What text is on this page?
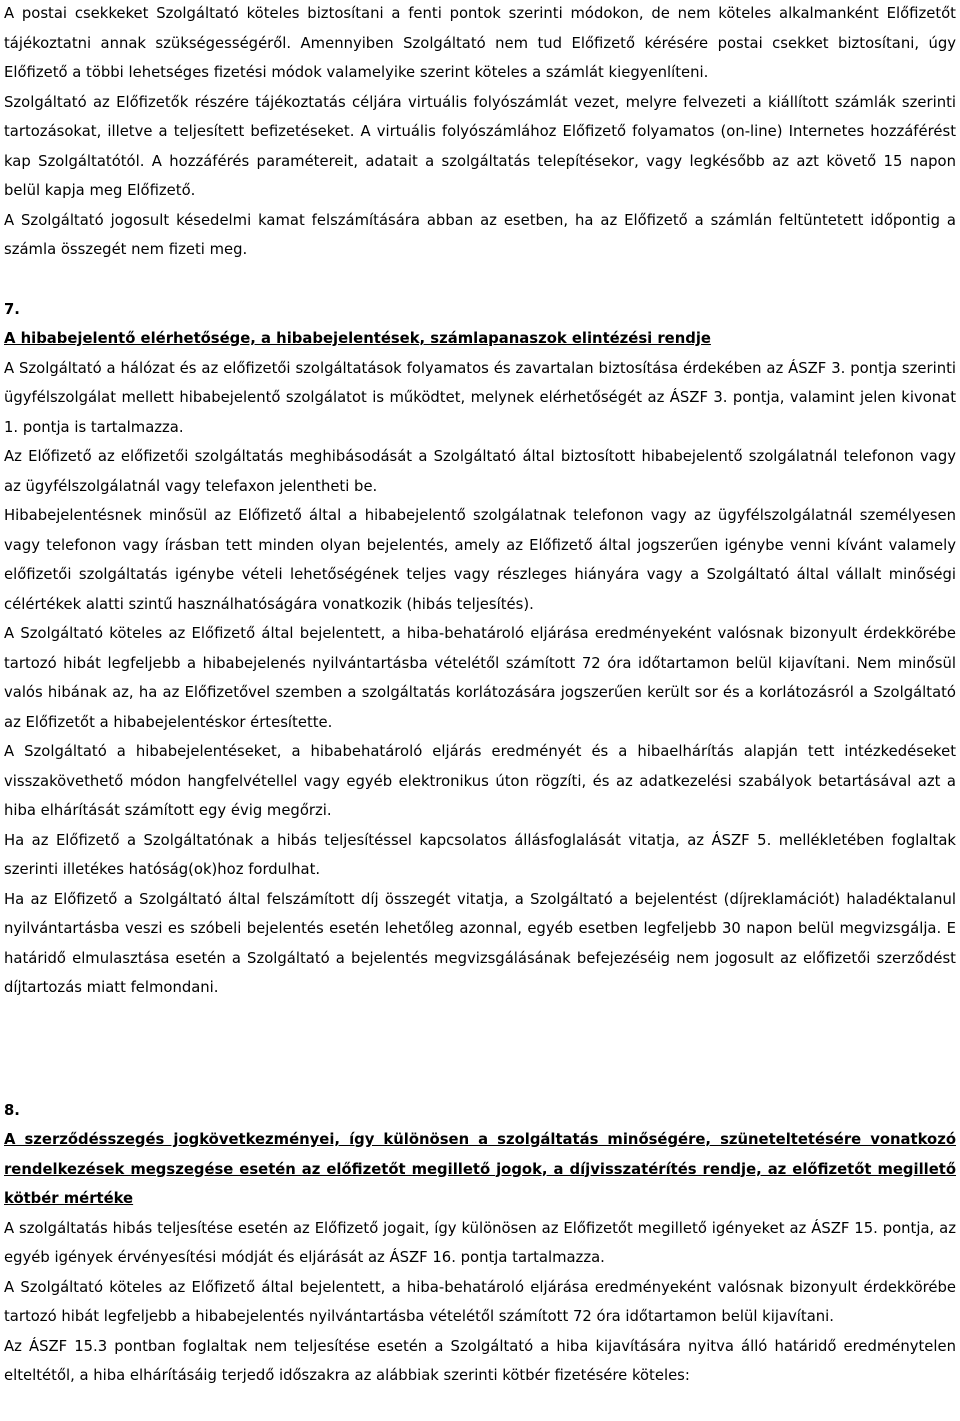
A postai csekkeket Szolgáltató köteles biztosítani a fenti pontok szerinti módokon, de nem köteles alkalmanként Előfizetőt tájékoztatni annak szükségességéről. Amennyiben Szolgáltató nem tud Előfizető kérésére postai csekket biztosítani, úgy Előfizető a többi lehetséges fizetési módok valamelyike szerint köteles a számlát kiegyenlíteni.

Szolgáltató az Előfizetők részére tájékoztatás céljára virtuális folyószámlát vezet, melyre felvezeti a kiállított számlák szerinti tartozásokat, illetve a teljesített befizetéseket. A virtuális folyószámlához Előfizető folyamatos (on-line) Internetes hozzáférést kap Szolgáltatótól. A hozzáférés paramétereit, adatait a szolgáltatás telepítésekor, vagy legkésőbb az azt követő 15 napon belül kapja meg Előfizető.

A Szolgáltató jogosult késedelmi kamat felszámítására abban az esetben, ha az Előfizető a számlán feltüntetett időpontig a számla összegét nem fizeti meg.

7.

A hibabejelentő elérhetősége, a hibabejelentések, számlapanaszok elintézési rendje

A Szolgáltató a hálózat és az előfizetői szolgáltatások folyamatos és zavartalan biztosítása érdekében az ÁSZF 3. pontja szerinti ügyfélszolgálat mellett hibabejelentő szolgálatot is működtet, melynek elérhetőségét az ÁSZF 3. pontja, valamint jelen kivonat 1. pontja is tartalmazza.

Az Előfizető az előfizetői szolgáltatás meghibásodását a Szolgáltató által biztosított hibabejelentő szolgálatnál telefonon vagy az ügyfélszolgálatnál vagy telefaxon jelentheti be.

Hibabejelentésnek minősül az Előfizető által a hibabejelentő szolgálatnak telefonon vagy az ügyfélszolgálatnál személyesen vagy telefonon vagy írásban tett minden olyan bejelentés, amely az Előfizető által jogszerűen igénybe venni kívánt valamely előfizetői szolgáltatás igénybe vételi lehetőségének teljes vagy részleges hiányára vagy a Szolgáltató által vállalt minőségi célértékek alatti szintű használhatóságára vonatkozik (hibás teljesítés).

A Szolgáltató köteles az Előfizető által bejelentett, a hiba-behatároló eljárása eredményeként valósnak bizonyult érdekkörébe tartozó hibát legfeljebb a hibabejelenés nyilvántartásba vételétől számított 72 óra időtartamon belül kijavítani. Nem minősül valós hibának az, ha az Előfizetővel szemben a szolgáltatás korlátozására jogszerűen került sor és a korlátozásról a Szolgáltató az Előfizetőt a hibabejelentéskor értesítette.

A Szolgáltató a hibabejelentéseket, a hibabehatároló eljárás eredményét és a hibaelhárítás alapján tett intézkedéseket visszakövethető módon hangfelvétellel vagy egyéb elektronikus úton rögzíti, és az adatkezelési szabályok betartásával azt a hiba elhárítását számított egy évig megőrzi.

Ha az Előfizető a Szolgáltatónak a hibás teljesítéssel kapcsolatos állásfoglalását vitatja, az ÁSZF 5. mellékletében foglaltak szerinti illetékes hatóság(ok)hoz fordulhat.

Ha az Előfizető a Szolgáltató által felszámított díj összegét vitatja, a Szolgáltató a bejelentést (díjreklamációt) haladéktalanul nyilvántartásba veszi es szóbeli bejelentés esetén lehetőleg azonnal, egyéb esetben legfeljebb 30 napon belül megvizsgálja. E határidő elmulasztása esetén a Szolgáltató a bejelentés megvizsgálásának befejezéséig nem jogosult az előfizetői szerződést díjtartozás miatt felmondani.

8.

A szerződésszegés jogkövetkezményei, így különösen a szolgáltatás minőségére, szüneteltetésére vonatkozó rendelkezések megszegése esetén az előfizetőt megillető jogok, a díjvisszatérítés rendje, az előfizetőt megillető kötbér mértéke

A szolgáltatás hibás teljesítése esetén az Előfizető jogait, így különösen az Előfizetőt megillető igényeket az ÁSZF 15. pontja, az egyéb igények érvényesítési módját és eljárását az ÁSZF 16. pontja tartalmazza.

A Szolgáltató köteles az Előfizető által bejelentett, a hiba-behatároló eljárása eredményeként valósnak bizonyult érdekkörébe tartozó hibát legfeljebb a hibabejelentés nyilvántartásba vételétől számított 72 óra időtartamon belül kijavítani.

Az ÁSZF 15.3 pontban foglaltak nem teljesítése esetén a Szolgáltató a hiba kijavítására nyitva álló határidő eredménytelen elteltétől, a hiba elhárításáig terjedő időszakra az alábbiak szerinti kötbér fizetésére köteles:
